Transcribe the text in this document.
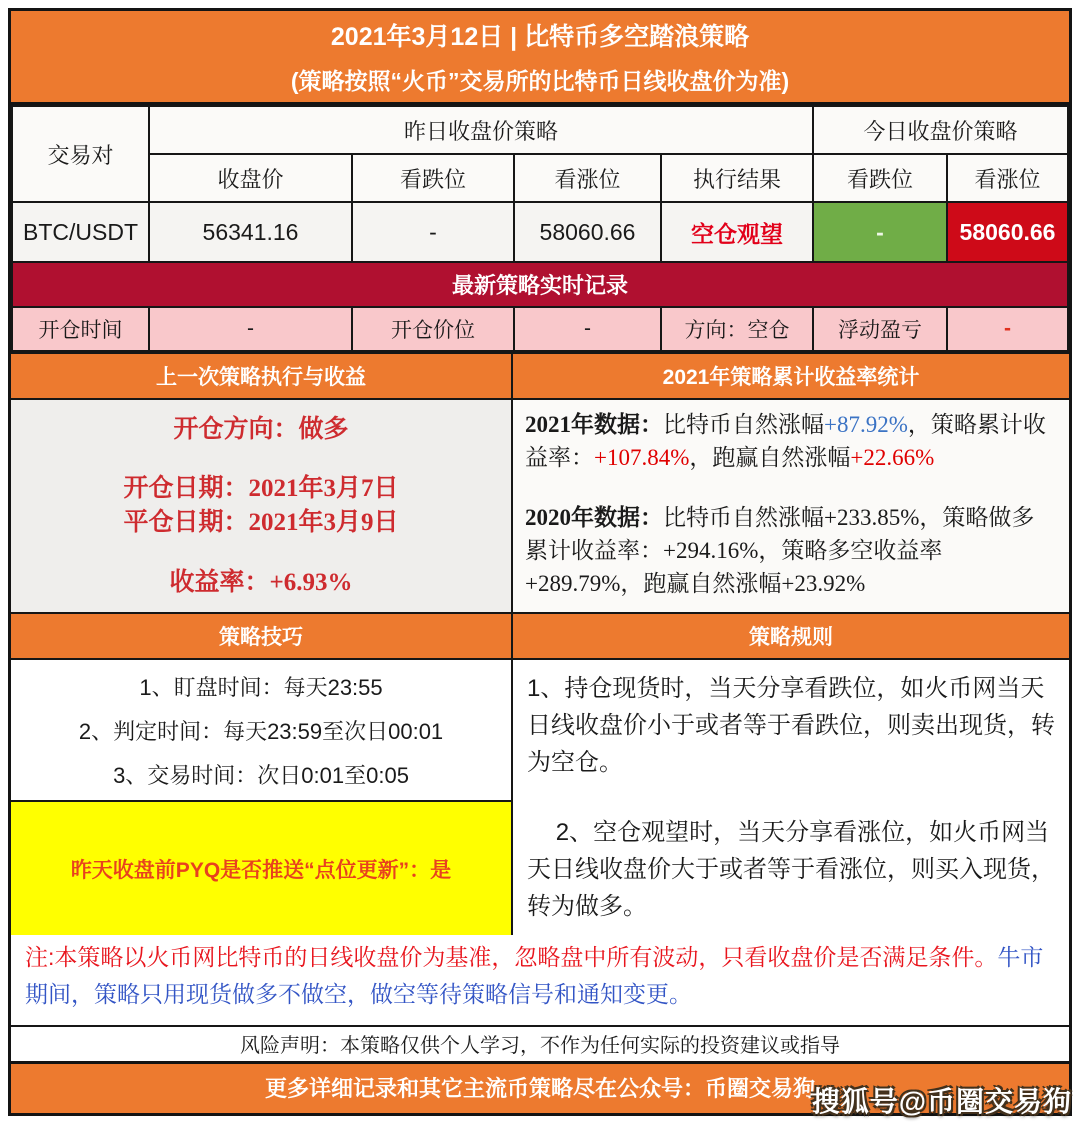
2021年3月12日 | 比特币多空踏浪策略
(策略按照“火币”交易所的比特币日线收盘价为准)
交易对	昨日收盘价策略				今日收盘价策略	
	收盘价	看跌位	看涨位	执行结果	看跌位	看涨位
BTC/USDT	56341.16	-	58060.66	空仓观望	-	58060.66
最新策略实时记录						
开仓时间	-	开仓价位	-	方向：空仓	浮动盈亏	-
上一次策略执行与收益	2021年策略累计收益率统计
开仓方向：做多
开仓日期：2021年3月7日
平仓日期：2021年3月9日
收益率：+6.93%

2021年数据：比特币自然涨幅+87.92%，策略累计收益率：+107.84%，跑赢自然涨幅+22.66%

2020年数据：比特币自然涨幅+233.85%，策略做多累计收益率：+294.16%，策略多空收益率+289.79%，跑赢自然涨幅+23.92%

策略技巧	策略规则
1、盯盘时间：每天23:55
2、判定时间：每天23:59至次日00:01
3、交易时间：次日0:01至0:05
昨天收盘前PYQ是否推送“点位更新”：是

1、持仓现货时，当天分享看跌位，如火币网当天日线收盘价小于或者等于看跌位，则卖出现货，转为空仓。

2、空仓观望时，当天分享看涨位，如火币网当天日线收盘价大于或者等于看涨位，则买入现货，转为做多。

注:本策略以火币网比特币的日线收盘价为基准，忽略盘中所有波动，只看收盘价是否满足条件。牛市期间，策略只用现货做多不做空，做空等待策略信号和通知变更。
风险声明：本策略仅供个人学习，不作为任何实际的投资建议或指导
更多详细记录和其它主流币策略尽在公众号：币圈交易狗
搜狐号@币圈交易狗
